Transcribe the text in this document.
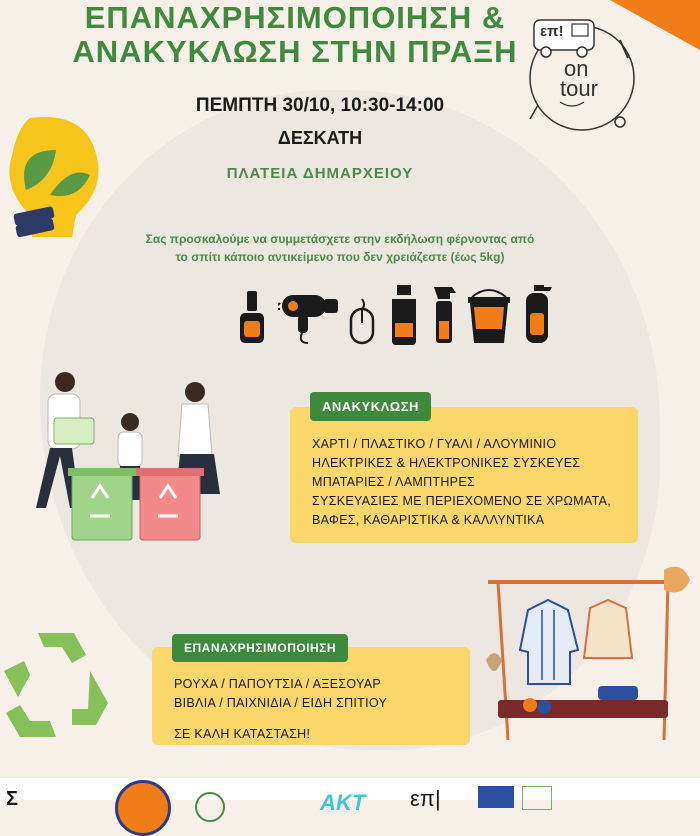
ΕΠΑΝΑΧΡΗΣΙΜΟΠΟΙΗΣΗ &
ΑΝΑΚΥΚΛΩΣΗ ΣΤΗΝ ΠΡΑΞΗ
επ!
on
tour
ΠΕΜΠΤΗ 30/10, 10:30-14:00
ΔΕΣΚΑΤΗ
ΠΛΑΤΕΙΑ ΔΗΜΑΡΧΕΙΟΥ
Σας προσκαλούμε να συμμετάσχετε στην εκδήλωση φέρνοντας από
το σπίτι κάποιο αντικείμενο που δεν χρειάζεστε (έως 5kg)
ΧΑΡΤΙ / ΠΛΑΣΤΙΚΟ / ΓΥΑΛΙ / ΑΛΟΥΜΙΝΙΟ
ΗΛΕΚΤΡΙΚΕΣ & ΗΛΕΚΤΡΟΝΙΚΕΣ ΣΥΣΚΕΥΕΣ
ΜΠΑΤΑΡΙΕΣ / ΛΑΜΠΤΗΡΕΣ
ΣΥΣΚΕΥΑΣΙΕΣ ΜΕ ΠΕΡΙΕΧΟΜΕΝΟ ΣΕ ΧΡΩΜΑΤΑ,
ΒΑΦΕΣ, ΚΑΘΑΡΙΣΤΙΚΑ & ΚΑΛΛΥΝΤΙΚΑ
ΑΝΑΚΥΚΛΩΣΗ
ΡΟΥΧΑ / ΠΑΠΟΥΤΣΙΑ / ΑΞΕΣΟΥΑΡ
ΒΙΒΛΙΑ / ΠΑΙΧΝΙΔΙΑ / ΕΙΔΗ ΣΠΙΤΙΟΥ
ΣΕ ΚΑΛΗ ΚΑΤΑΣΤΑΣΗ!
ΕΠΑΝΑΧΡΗΣΙΜΟΠΟΙΗΣΗ
Σ	ΑΚΤ επ|
